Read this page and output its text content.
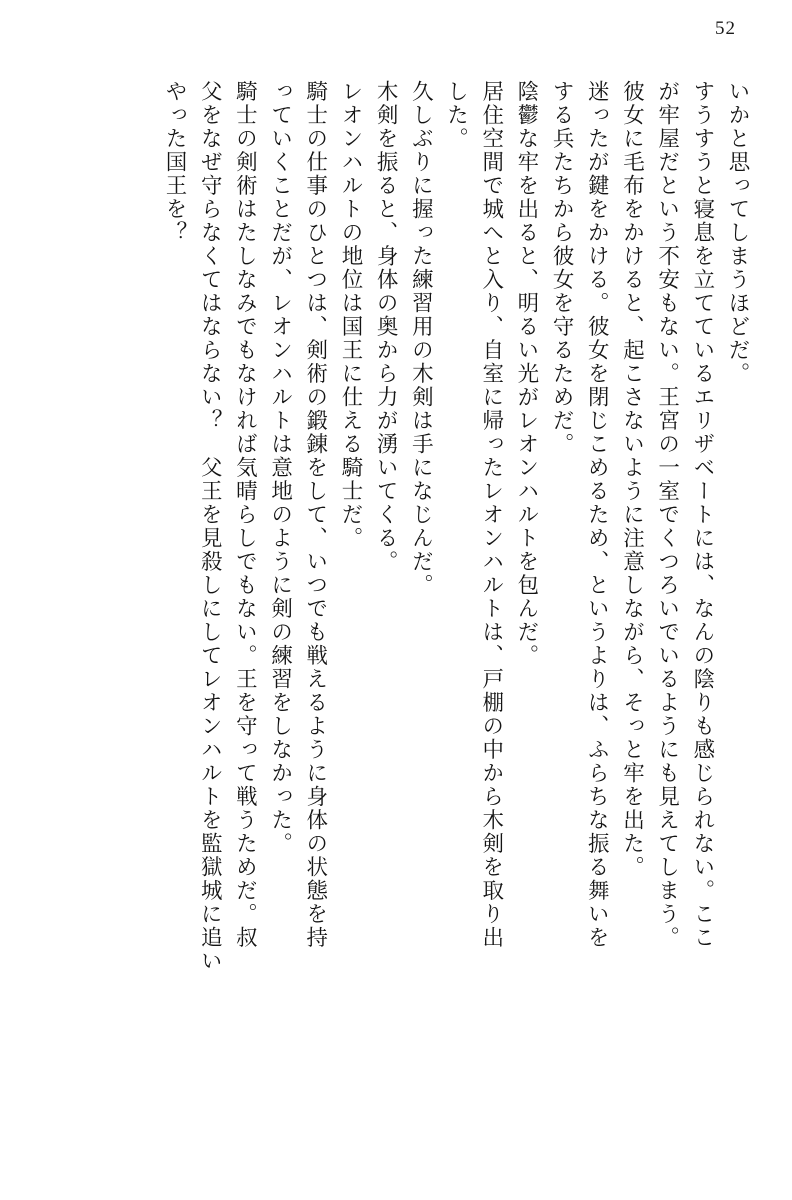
52
いかと思ってしまうほどだ。
すうすうと寝息を立てているエリザベートには、なんの陰りも感じられない。ここ
が牢屋だという不安もない。王宮の一室でくつろいでいるようにも見えてしまう。
彼女に毛布をかけると、起こさないように注意しながら、そっと牢を出た。
迷ったが鍵をかける。彼女を閉じこめるため、というよりは、ふらちな振る舞いを
する兵たちから彼女を守るためだ。
陰鬱な牢を出ると、明るい光がレオンハルトを包んだ。
居住空間で城へと入り、自室に帰ったレオンハルトは、戸棚の中から木剣を取り出
した。
久しぶりに握った練習用の木剣は手になじんだ。
木剣を振ると、身体の奥から力が湧いてくる。
レオンハルトの地位は国王に仕える騎士だ。
騎士の仕事のひとつは、剣術の鍛錬をして、いつでも戦えるように身体の状態を持
っていくことだが、レオンハルトは意地のように剣の練習をしなかった。
騎士の剣術はたしなみでもなければ気晴らしでもない。王を守って戦うためだ。叔
父をなぜ守らなくてはならない？　父王を見殺しにしてレオンハルトを監獄城に追い
やった国王を？
